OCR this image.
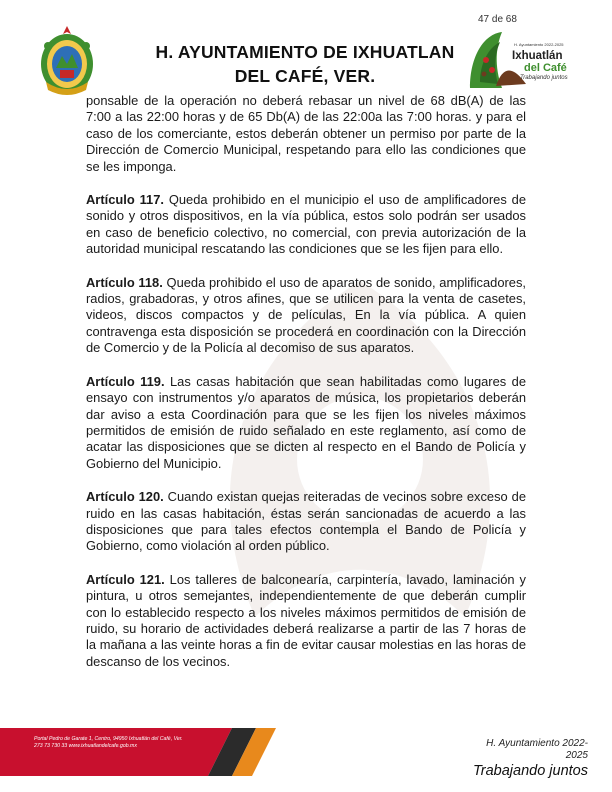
47 de 68
H. AYUNTAMIENTO DE IXHUATLAN
DEL CAFÉ, VER.
H. Ayuntamiento 2022-2025
Ixhuatlán
del Café
Trabajando juntos

ponsable de la operación no deberá rebasar un nivel de 68 dB(A) de las 7:00 a las 22:00 horas y de 65 Db(A) de las 22:00a las 7:00 horas. y para el caso de los comerciante, estos deberán obtener un permiso por parte de la Dirección de Comercio Municipal, respetando para ello las condiciones que se les imponga.

Artículo 117. Queda prohibido en el municipio el uso de amplificadores de sonido y otros dispositivos, en la vía pública, estos solo podrán ser usados en caso de beneficio colectivo, no comercial, con previa autorización de la autoridad municipal rescatando las condiciones que se les fijen para ello.

Artículo 118. Queda prohibido el uso de aparatos de sonido, amplificadores, radios, grabadoras, y otros afines, que se utilicen para la venta de casetes, videos, discos compactos y de películas, En la vía pública. A quien contravenga esta disposición se procederá en coordinación con la Dirección de Comercio y de la Policía al decomiso de sus aparatos.

Artículo 119. Las casas habitación que sean habilitadas como lugares de ensayo con instrumentos y/o aparatos de música, los propietarios deberán dar aviso a esta Coordinación para que se les fijen los niveles máximos permitidos de emisión de ruido señalado en este reglamento, así como de acatar las disposiciones que se dicten al respecto en el Bando de Policía y Gobierno del Municipio.

Artículo 120. Cuando existan quejas reiteradas de vecinos sobre exceso de ruido en las casas habitación, éstas serán sancionadas de acuerdo a las disposiciones que para tales efectos contempla el Bando de Policía y Gobierno, como violación al orden público.

Artículo 121. Los talleres de balconearía, carpintería, lavado, laminación y pintura, u otros semejantes, independientemente de que deberán cumplir con lo establecido respecto a los niveles máximos permitidos de emisión de ruido, su horario de actividades deberá realizarse a partir de las 7 horas de la mañana a las veinte horas a fin de evitar causar molestias en las horas de descanso de los vecinos.

Portal Pedro de Garate 1, Centro, 94950 Ixhuatlán del Café, Ver.
273 73 730 33 www.ixhuatlandelcafe.gob.mx	H. Ayuntamiento 2022-2025
Trabajando juntos
